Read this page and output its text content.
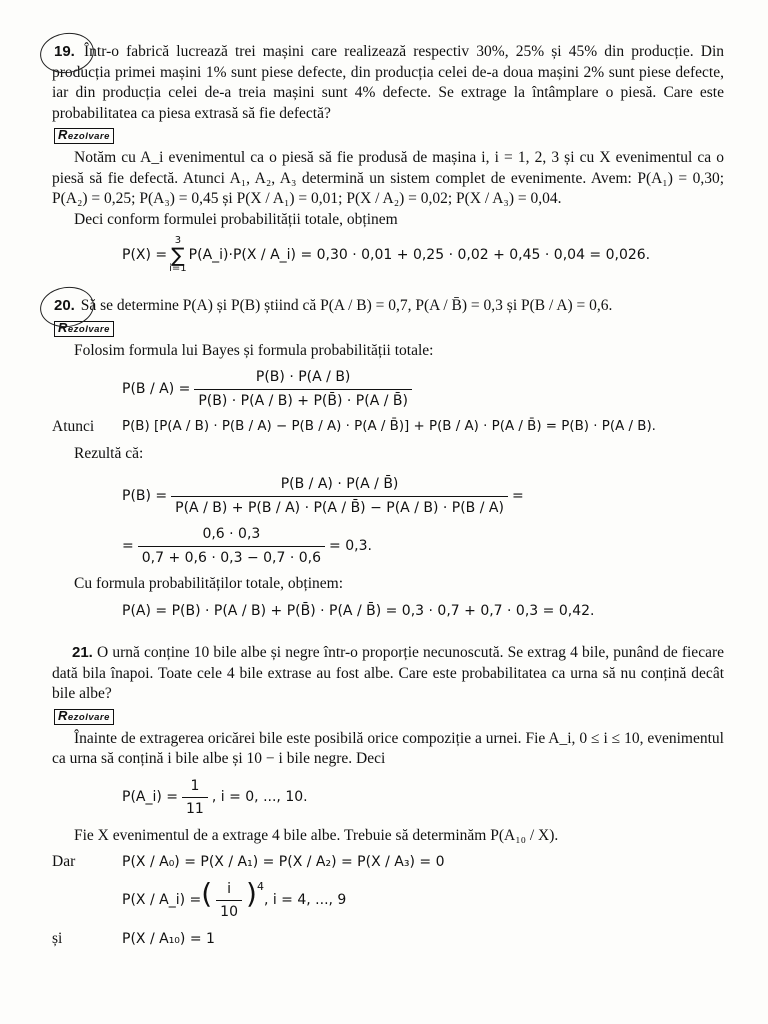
19. Într-o fabrică lucrează trei mașini care realizează respectiv 30%, 25% și 45% din producție. Din producția primei mașini 1% sunt piese defecte, din producția celei de-a doua mașini 2% sunt piese defecte, iar din producția celei de-a treia mașini sunt 4% defecte. Se extrage la întâmplare o piesă. Care este probabilitatea ca piesa extrasă să fie defectă?

Rezolvare

Notăm cu A_i evenimentul ca o piesă să fie produsă de mașina i, i = 1, 2, 3 și cu X evenimentul ca o piesă să fie defectă. Atunci A₁, A₂, A₃ determină un sistem complet de evenimente. Avem: P(A₁) = 0,30; P(A₂) = 0,25; P(A₃) = 0,45 și P(X / A₁) = 0,01; P(X / A₂) = 0,02; P(X / A₃) = 0,04.

Deci conform formulei probabilității totale, obținem

P(X) =
3
∑
i=1
P(A_i)·P(X / A_i) = 0,30 · 0,01 + 0,25 · 0,02 + 0,45 · 0,04 = 0,026.

20. Să se determine P(A) și P(B) știind că P(A / B) = 0,7, P(A / B̄) = 0,3 și P(B / A) = 0,6.

Rezolvare

Folosim formula lui Bayes și formula probabilității totale:

$P(B / A) = \frac{P(B) \cdot P(A / B)}{P(B) \cdot P(A / B) + P(B̄) \cdot P(A / B̄)}$
Atunci	P(B) [P(A / B) · P(B / A) − P(B / A) · P(A / B̄)] + P(B / A) · P(A / B̄) = P(B) · P(A / B).

Rezultă că:

$P(B) = \frac{P(B / A) \cdot P(A / B̄)}{P(A / B) + P(B / A) \cdot P(A / B̄) - P(A / B) \cdot P(B / A)}$ =
= $\frac{0,6 \cdot 0,3}{0,7 + 0,6 \cdot 0,3 - 0,7 \cdot 0,6} = 0,3$.

Cu formula probabilităților totale, obținem:

P(A) = P(B) · P(A / B) + P(B̄) · P(A / B̄) = 0,3 · 0,7 + 0,7 · 0,3 = 0,42.

21. O urnă conține 10 bile albe și negre într-o proporție necunoscută. Se extrag 4 bile, punând de fiecare dată bila înapoi. Toate cele 4 bile extrase au fost albe. Care este probabilitatea ca urna să nu conțină decât bile albe?

Rezolvare

Înainte de extragerea oricărei bile este posibilă orice compoziție a urnei. Fie A_i, 0 ≤ i ≤ 10, evenimentul ca urna să conțină i bile albe și 10 − i bile negre. Deci

P(A_i) = $\frac{1}{11}$ , i = 0, ..., 10.

Fie X evenimentul de a extrage 4 bile albe. Trebuie să determinăm P(A₁₀ / X).

Dar	P(X / A₀) = P(X / A₁) = P(X / A₂) = P(X / A₃) = 0
P(X / A_i) = ( $\frac{i}{10} )^4$
, i = 4, ..., 9
și	P(X / A₁₀) = 1
